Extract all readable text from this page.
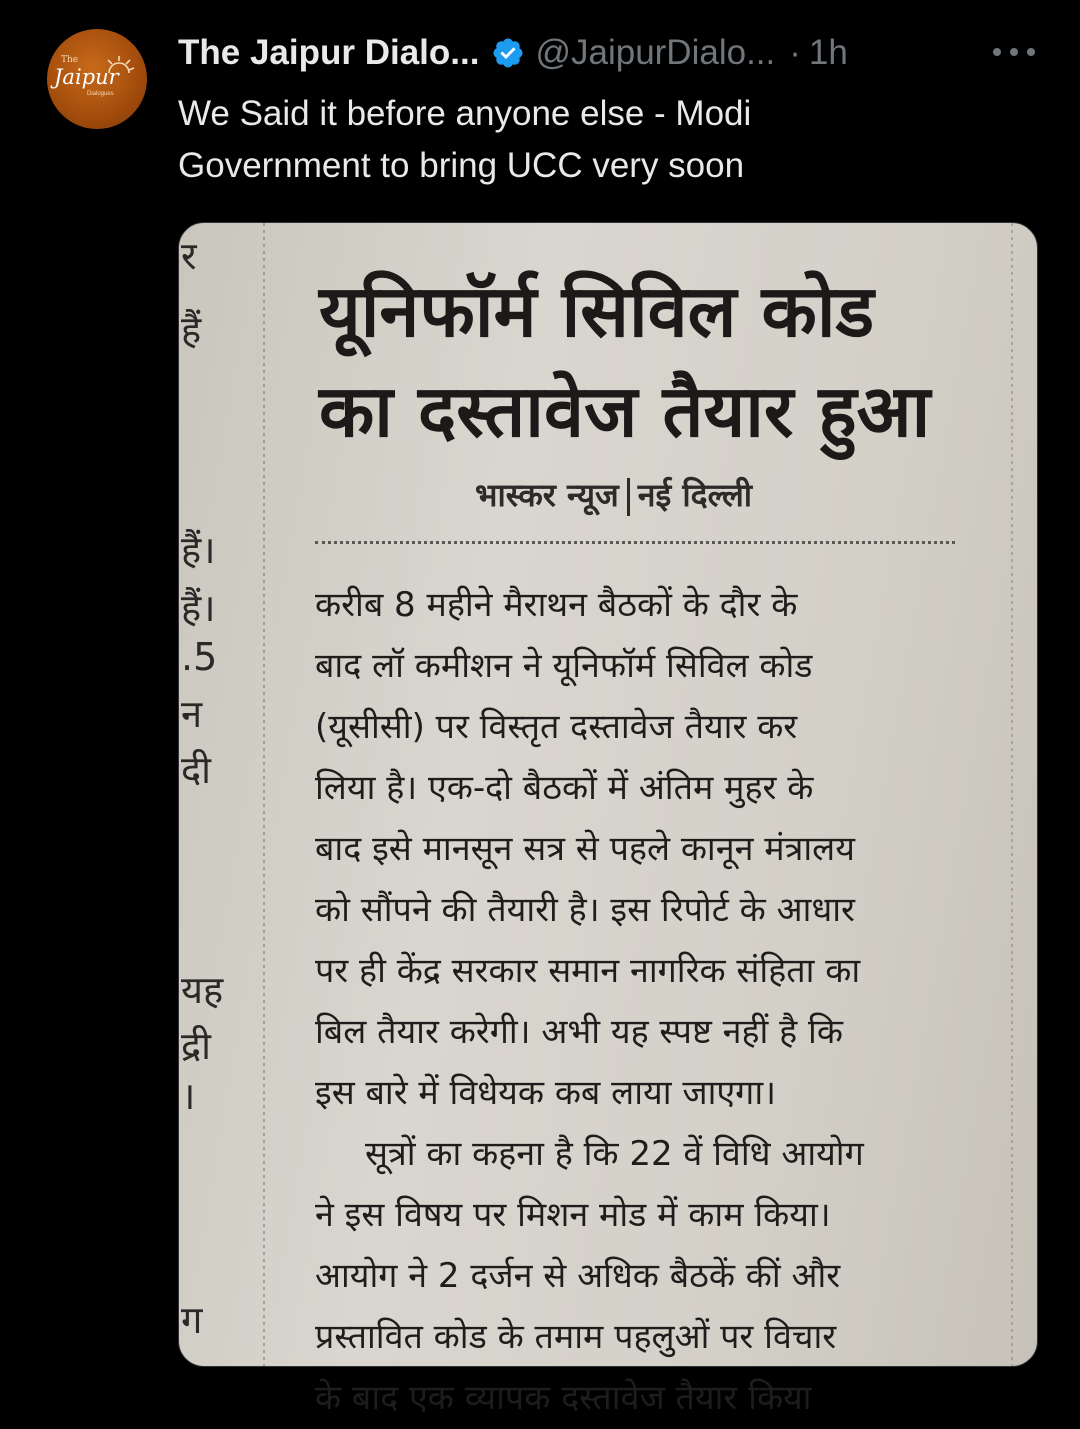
The
Jaipur
Dialogues
The Jaipur Dialo... @JaipurDialo... · 1h
We Said it before anyone else - Modi
Government to bring UCC very soon
र
हैं
हैं।
हैं।
.5
न
दी
यह
द्री
।
ग
यूनिफॉर्म सिविल कोड
का दस्तावेज तैयार हुआ
भास्कर न्यूज नई दिल्ली
करीब 8 महीने मैराथन बैठकों के दौर के
बाद लॉ कमीशन ने यूनिफॉर्म सिविल कोड
(यूसीसी) पर विस्तृत दस्तावेज तैयार कर
लिया है। एक-दो बैठकों में अंतिम मुहर के
बाद इसे मानसून सत्र से पहले कानून मंत्रालय
को सौंपने की तैयारी है। इस रिपोर्ट के आधार
पर ही केंद्र सरकार समान नागरिक संहिता का
बिल तैयार करेगी। अभी यह स्पष्ट नहीं है कि
इस बारे में विधेयक कब लाया जाएगा।
सूत्रों का कहना है कि 22 वें विधि आयोग
ने इस विषय पर मिशन मोड में काम किया।
आयोग ने 2 दर्जन से अधिक बैठकें कीं और
प्रस्तावित कोड के तमाम पहलुओं पर विचार
के बाद एक व्यापक दस्तावेज तैयार किया
